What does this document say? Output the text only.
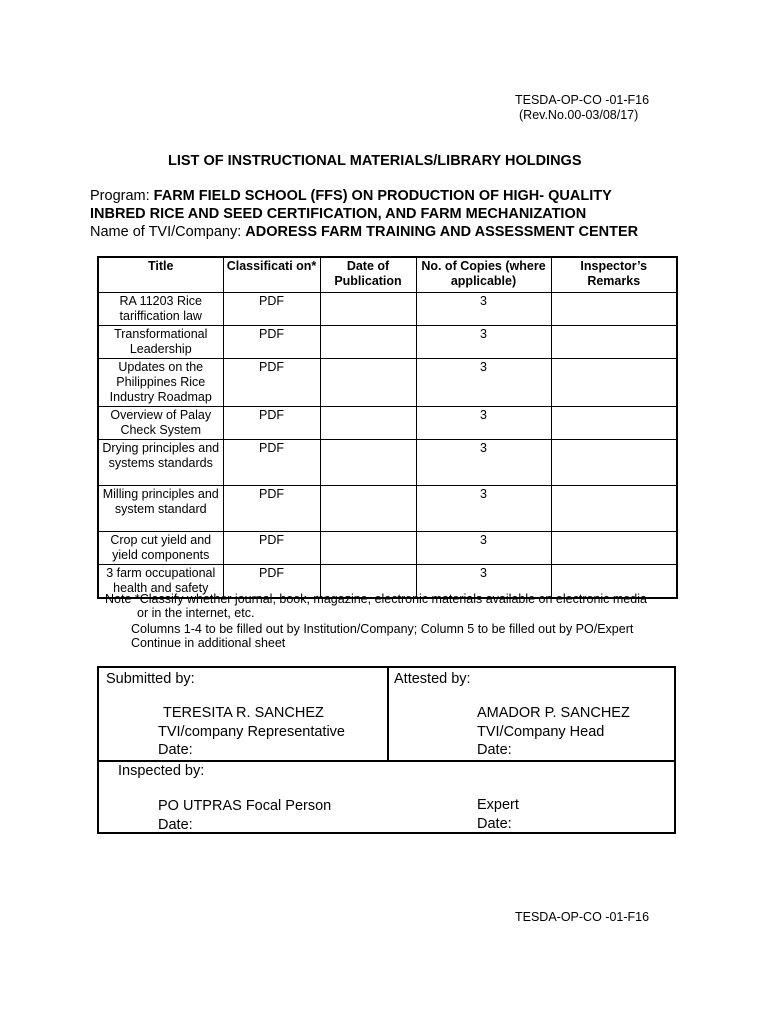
TESDA-OP-CO -01-F16
(Rev.No.00-03/08/17)
LIST OF INSTRUCTIONAL MATERIALS/LIBRARY HOLDINGS
Program: FARM FIELD SCHOOL (FFS) ON PRODUCTION OF HIGH- QUALITY
INBRED RICE AND SEED CERTIFICATION, AND FARM MECHANIZATION
Name of TVI/Company: ADORESS FARM TRAINING AND ASSESSMENT CENTER
Title	Classificati on*	Date of Publication	No. of Copies (where applicable)	Inspector’s Remarks
RA 11203 Rice tariffication law	PDF		3	
Transformational Leadership	PDF		3	
Updates on the Philippines Rice Industry Roadmap	PDF		3	
Overview of Palay Check System	PDF		3	
Drying principles and systems standards	PDF		3	
Milling principles and system standard	PDF		3	
Crop cut yield and yield components	PDF		3	
3 farm occupational health and safety	PDF		3	
Note *Classify whether journal, book, magazine, electronic materials available on electronic media
or in the internet, etc.
Columns 1-4 to be filled out by Institution/Company; Column 5 to be filled out by PO/Expert
Continue in additional sheet
Submitted by:
TERESITA R. SANCHEZ
TVI/company Representative
Date:
Attested by:
AMADOR P. SANCHEZ
TVI/Company Head
Date:
Inspected by:
PO UTPRAS Focal Person
Date:
Expert
Date:
TESDA-OP-CO -01-F16
